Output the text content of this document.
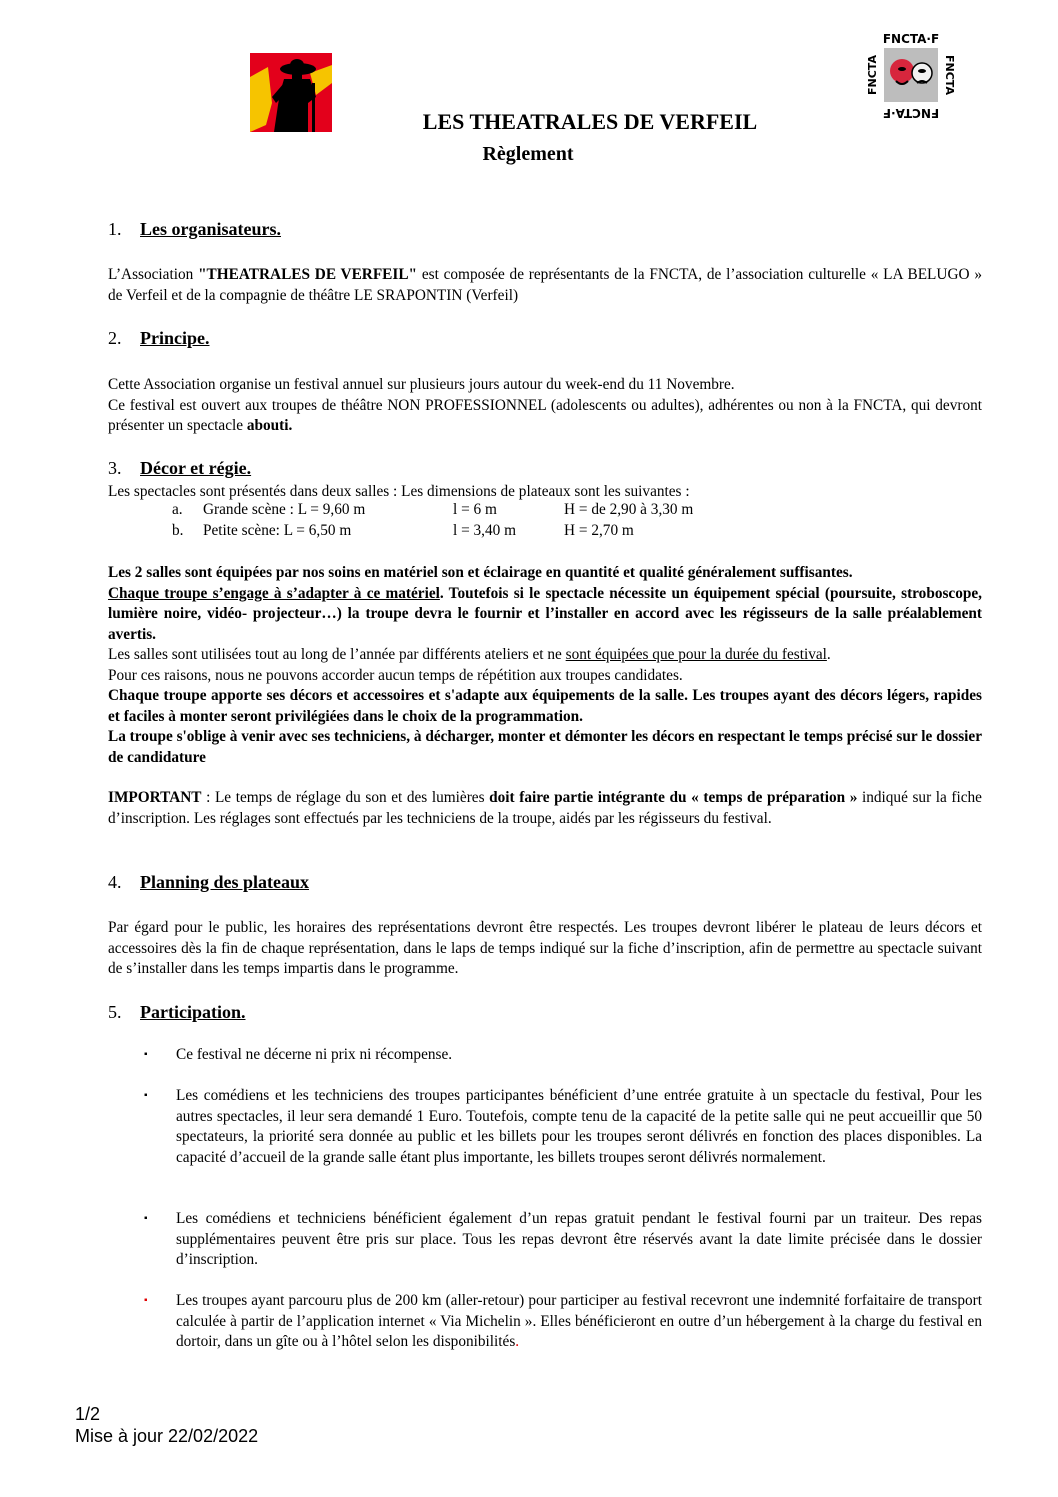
FNCTA·F
FNCTA·F
FNCTA	FNCTA
LES THEATRALES DE VERFEIL
Règlement
1. Les organisateurs.
L’Association "THEATRALES DE VERFEIL" est composée de représentants de la FNCTA, de l’association culturelle « LA BELUGO » de Verfeil et de la compagnie de théâtre LE SRAPONTIN (Verfeil)
2. Principe.
Cette Association organise un festival annuel sur plusieurs jours autour du week-end du 11 Novembre.
Ce festival est ouvert aux troupes de théâtre NON PROFESSIONNEL (adolescents ou adultes), adhérentes ou non à la FNCTA, qui devront présenter un spectacle abouti.
3. Décor et régie.
Les spectacles sont présentés dans deux salles : Les dimensions de plateaux sont les suivantes :
a. Grande scène : L = 9,60 m	l = 6 m	H = de 2,90 à 3,30 m
b. Petite scène: L = 6,50 m	l = 3,40 m	H = 2,70 m
Les 2 salles sont équipées par nos soins en matériel son et éclairage en quantité et qualité généralement suffisantes.
Chaque troupe s’engage à s’adapter à ce matériel. Toutefois si le spectacle nécessite un équipement spécial (poursuite, stroboscope, lumière noire, vidéo- projecteur…) la troupe devra le fournir et l’installer en accord avec les régisseurs de la salle préalablement avertis.
Les salles sont utilisées tout au long de l’année par différents ateliers et ne sont équipées que pour la durée du festival.
Pour ces raisons, nous ne pouvons accorder aucun temps de répétition aux troupes candidates.
Chaque troupe apporte ses décors et accessoires et s'adapte aux équipements de la salle. Les troupes ayant des décors légers, rapides et faciles à monter seront privilégiées dans le choix de la programmation.
La troupe s'oblige à venir avec ses techniciens, à décharger, monter et démonter les décors en respectant le temps précisé sur le dossier de candidature
IMPORTANT : Le temps de réglage du son et des lumières doit faire partie intégrante du « temps de préparation » indiqué sur la fiche d’inscription. Les réglages sont effectués par les techniciens de la troupe, aidés par les régisseurs du festival.
4. Planning des plateaux
Par égard pour le public, les horaires des représentations devront être respectés. Les troupes devront libérer le plateau de leurs décors et accessoires dès la fin de chaque représentation, dans le laps de temps indiqué sur la fiche d’inscription, afin de permettre au spectacle suivant de s’installer dans les temps impartis dans le programme.
5. Participation.
▪	Ce festival ne décerne ni prix ni récompense.
▪	Les comédiens et les techniciens des troupes participantes bénéficient d’une entrée gratuite à un spectacle du festival, Pour les autres spectacles, il leur sera demandé 1 Euro. Toutefois, compte tenu de la capacité de la petite salle qui ne peut accueillir que 50 spectateurs, la priorité sera donnée au public et les billets pour les troupes seront délivrés en fonction des places disponibles. La capacité d’accueil de la grande salle étant plus importante, les billets troupes seront délivrés normalement.
▪	Les comédiens et techniciens bénéficient également d’un repas gratuit pendant le festival fourni par un traiteur. Des repas supplémentaires peuvent être pris sur place. Tous les repas devront être réservés avant la date limite précisée dans le dossier d’inscription.
▪	Les troupes ayant parcouru plus de 200 km (aller-retour) pour participer au festival recevront une indemnité forfaitaire de transport calculée à partir de l’application internet « Via Michelin ». Elles bénéficieront en outre d’un hébergement à la charge du festival en dortoir, dans un gîte ou à l’hôtel selon les disponibilités.
1/2
Mise à jour 22/02/2022
